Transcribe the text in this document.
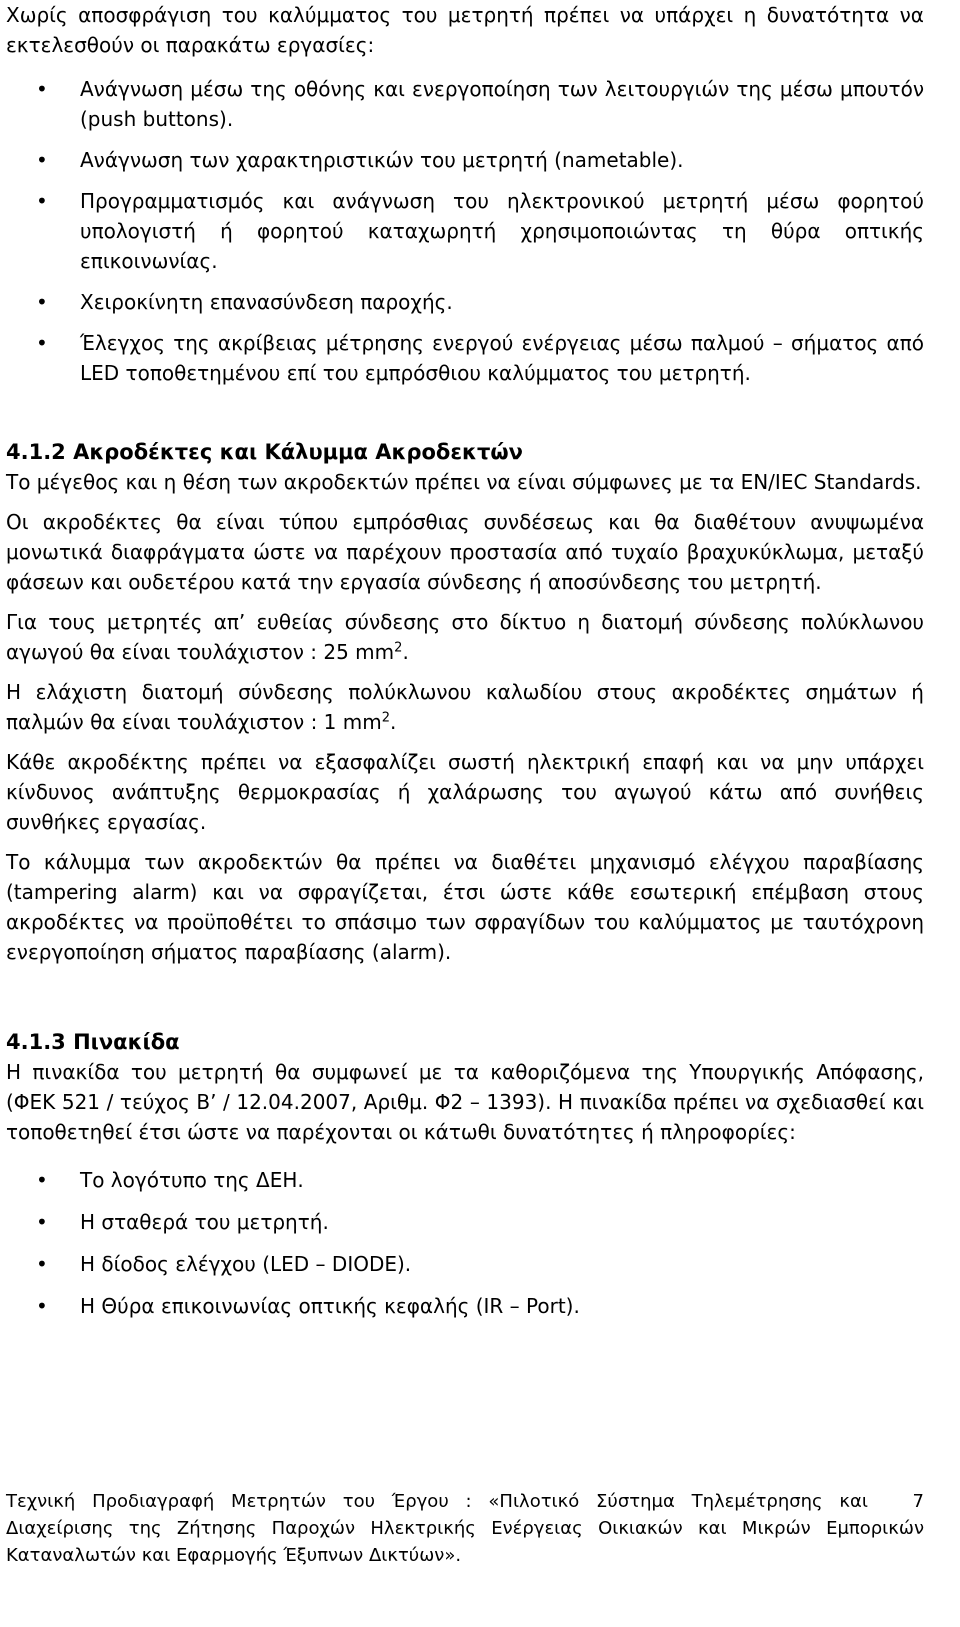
Χωρίς αποσφράγιση του καλύμματος του μετρητή πρέπει να υπάρχει η δυνατότητα να εκτελεσθούν οι παρακάτω εργασίες:

• Ανάγνωση μέσω της οθόνης και ενεργοποίηση των λειτουργιών της μέσω μπουτόν (push buttons).
• Ανάγνωση των χαρακτηριστικών του μετρητή (nametable).
• Προγραμματισμός και ανάγνωση του ηλεκτρονικού μετρητή μέσω φορητού υπολογιστή ή φορητού καταχωρητή χρησιμοποιώντας τη θύρα οπτικής επικοινωνίας.
• Χειροκίνητη επανασύνδεση παροχής.
• Έλεγχος της ακρίβειας μέτρησης ενεργού ενέργειας μέσω παλμού – σήματος από LED τοποθετημένου επί του εμπρόσθιου καλύμματος του μετρητή.
4.1.2 Ακροδέκτες και Κάλυμμα Ακροδεκτών

Το μέγεθος και η θέση των ακροδεκτών πρέπει να είναι σύμφωνες με τα EN/IEC Standards.

Οι ακροδέκτες θα είναι τύπου εμπρόσθιας συνδέσεως και θα διαθέτουν ανυψωμένα μονωτικά διαφράγματα ώστε να παρέχουν προστασία από τυχαίο βραχυκύκλωμα, μεταξύ φάσεων και ουδετέρου κατά την εργασία σύνδεσης ή αποσύνδεσης του μετρητή.

Για τους μετρητές απ’ ευθείας σύνδεσης στο δίκτυο η διατομή σύνδεσης πολύκλωνου αγωγού θα είναι τουλάχιστον : 25 $mm^2$.

Η ελάχιστη διατομή σύνδεσης πολύκλωνου καλωδίου στους ακροδέκτες σημάτων ή παλμών θα είναι τουλάχιστον : 1 $mm^2$.

Κάθε ακροδέκτης πρέπει να εξασφαλίζει σωστή ηλεκτρική επαφή και να μην υπάρχει κίνδυνος ανάπτυξης θερμοκρασίας ή χαλάρωσης του αγωγού κάτω από συνήθεις συνθήκες εργασίας.

Το κάλυμμα των ακροδεκτών θα πρέπει να διαθέτει μηχανισμό ελέγχου παραβίασης (tampering alarm) και να σφραγίζεται, έτσι ώστε κάθε εσωτερική επέμβαση στους ακροδέκτες να προϋποθέτει το σπάσιμο των σφραγίδων του καλύμματος με ταυτόχρονη ενεργοποίηση σήματος παραβίασης (alarm).

4.1.3 Πινακίδα

Η πινακίδα του μετρητή θα συμφωνεί με τα καθοριζόμενα της Υπουργικής Απόφασης, (ΦΕΚ 521 / τεύχος Β’ / 12.04.2007, Αριθμ. Φ2 – 1393). Η πινακίδα πρέπει να σχεδιασθεί και τοποθετηθεί έτσι ώστε να παρέχονται οι κάτωθι δυνατότητες ή πληροφορίες:

• Το λογότυπο της ΔΕΗ.
• Η σταθερά του μετρητή.
• Η δίοδος ελέγχου (LED – DIODE).
• Η Θύρα επικοινωνίας οπτικής κεφαλής (IR – Port).
Τεχνική Προδιαγραφή Μετρητών του Έργου : «Πιλοτικό Σύστημα Τηλεμέτρησης και	7
Διαχείρισης της Ζήτησης Παροχών Ηλεκτρικής Ενέργειας Οικιακών και Μικρών Εμπορικών
Καταναλωτών και Εφαρμογής Έξυπνων Δικτύων».
